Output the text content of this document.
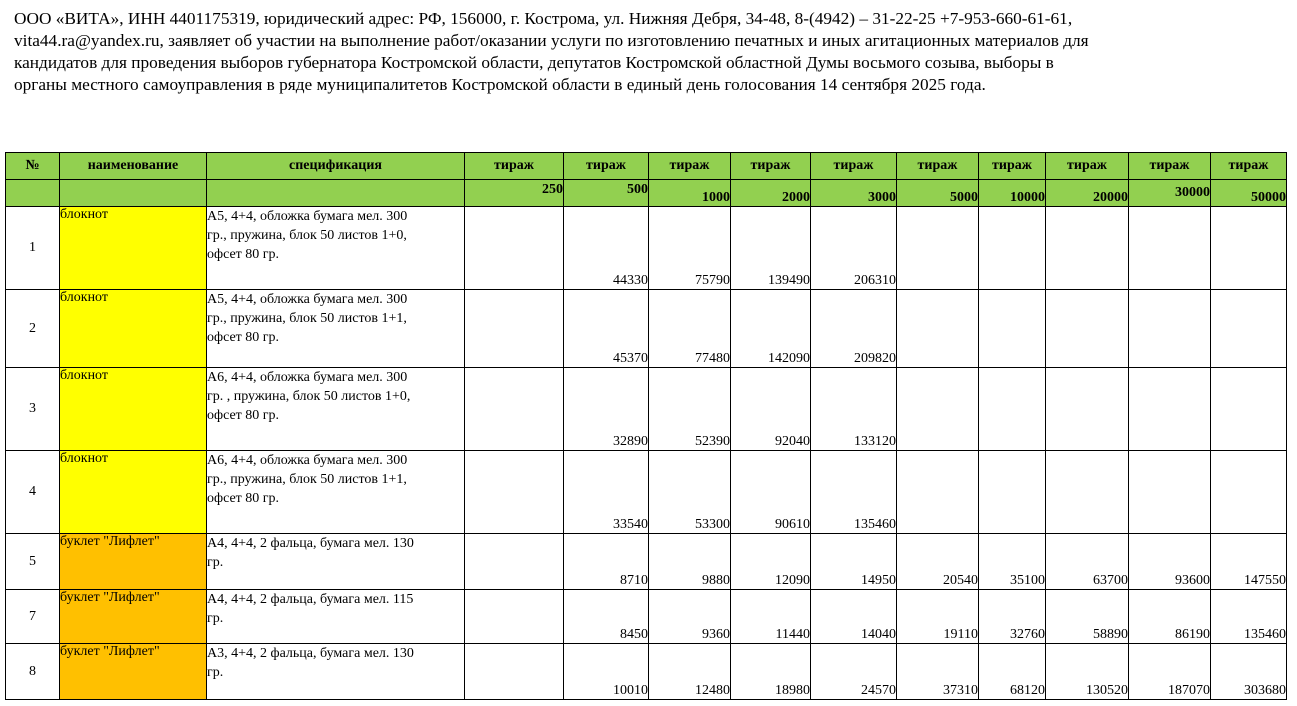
ООО «ВИТА», ИНН 4401175319, юридический адрес: РФ, 156000, г. Кострома, ул. Нижняя Дебря, 34-48, 8-(4942) – 31-22-25 +7-953-660-61-61,

vita44.ra@yandex.ru, заявляет об участии на выполнение работ/оказании услуги по изготовлению печатных и иных агитационных материалов для

кандидатов для проведения выборов губернатора Костромской области, депутатов Костромской областной Думы восьмого созыва, выборы в

органы местного самоуправления в ряде муниципалитетов Костромской области в единый день голосования 14 сентября 2025 года.

№	наименование	спецификация	тираж	тираж	тираж	тираж	тираж	тираж	тираж	тираж	тираж	тираж
			250	500	1000	2000	3000	5000	10000	20000	30000	50000
1	блокнот	А5, 4+4, обложка бумага мел. 300
гр., пружина, блок 50 листов 1+0,
офсет 80 гр.		44330	75790	139490	206310					
2	блокнот	А5, 4+4, обложка бумага мел. 300
гр., пружина, блок 50 листов 1+1,
офсет 80 гр.		45370	77480	142090	209820					
3	блокнот	А6, 4+4, обложка бумага мел. 300
гр. , пружина, блок 50 листов 1+0,
офсет 80 гр.		32890	52390	92040	133120					
4	блокнот	А6, 4+4, обложка бумага мел. 300
гр., пружина, блок 50 листов 1+1,
офсет 80 гр.		33540	53300	90610	135460					
5	буклет "Лифлет"	А4, 4+4, 2 фальца, бумага мел. 130
гр.		8710	9880	12090	14950	20540	35100	63700	93600	147550
7	буклет "Лифлет"	А4, 4+4, 2 фальца, бумага мел. 115
гр.		8450	9360	11440	14040	19110	32760	58890	86190	135460
8	буклет "Лифлет"	А3, 4+4, 2 фальца, бумага мел. 130
гр.		10010	12480	18980	24570	37310	68120	130520	187070	303680
